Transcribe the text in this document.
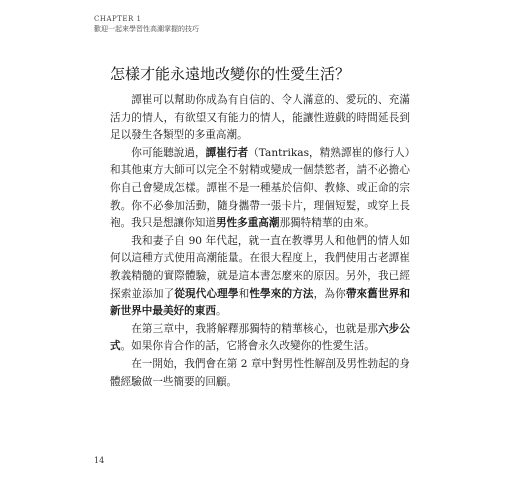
CHAPTER 1
歡迎一起來學習性高潮掌握的技巧
怎樣才能永遠地改變你的性愛生活？

譚崔可以幫助你成為有自信的、令人滿意的、愛玩的、充滿活力的情人，有欲望又有能力的情人，能讓性遊戲的時間延長到足以發生各類型的多重高潮。

你可能聽說過，譚崔行者（Tantrikas，精熟譚崔的修行人）和其他東方大師可以完全不射精或變成一個禁慾者，請不必擔心你自己會變成怎樣。譚崔不是一種基於信仰、教條、或正命的宗教。你不必參加活動，隨身攜帶一張卡片，理個短髮，或穿上長袍。我只是想讓你知道男性多重高潮那獨特精華的由來。

我和妻子自 90 年代起，就一直在教導男人和他們的情人如何以這種方式使用高潮能量。在很大程度上，我們使用古老譚崔教義精髓的實際體驗，就是這本書怎麼來的原因。另外，我已經探索並添加了從現代心理學和性學來的方法，為你帶來舊世界和新世界中最美好的東西。

在第三章中，我將解釋那獨特的精華核心，也就是那六步公式。如果你肯合作的話，它將會永久改變你的性愛生活。

在一開始，我們會在第 2 章中對男性性解剖及男性勃起的身體經驗做一些簡要的回顧。

14
